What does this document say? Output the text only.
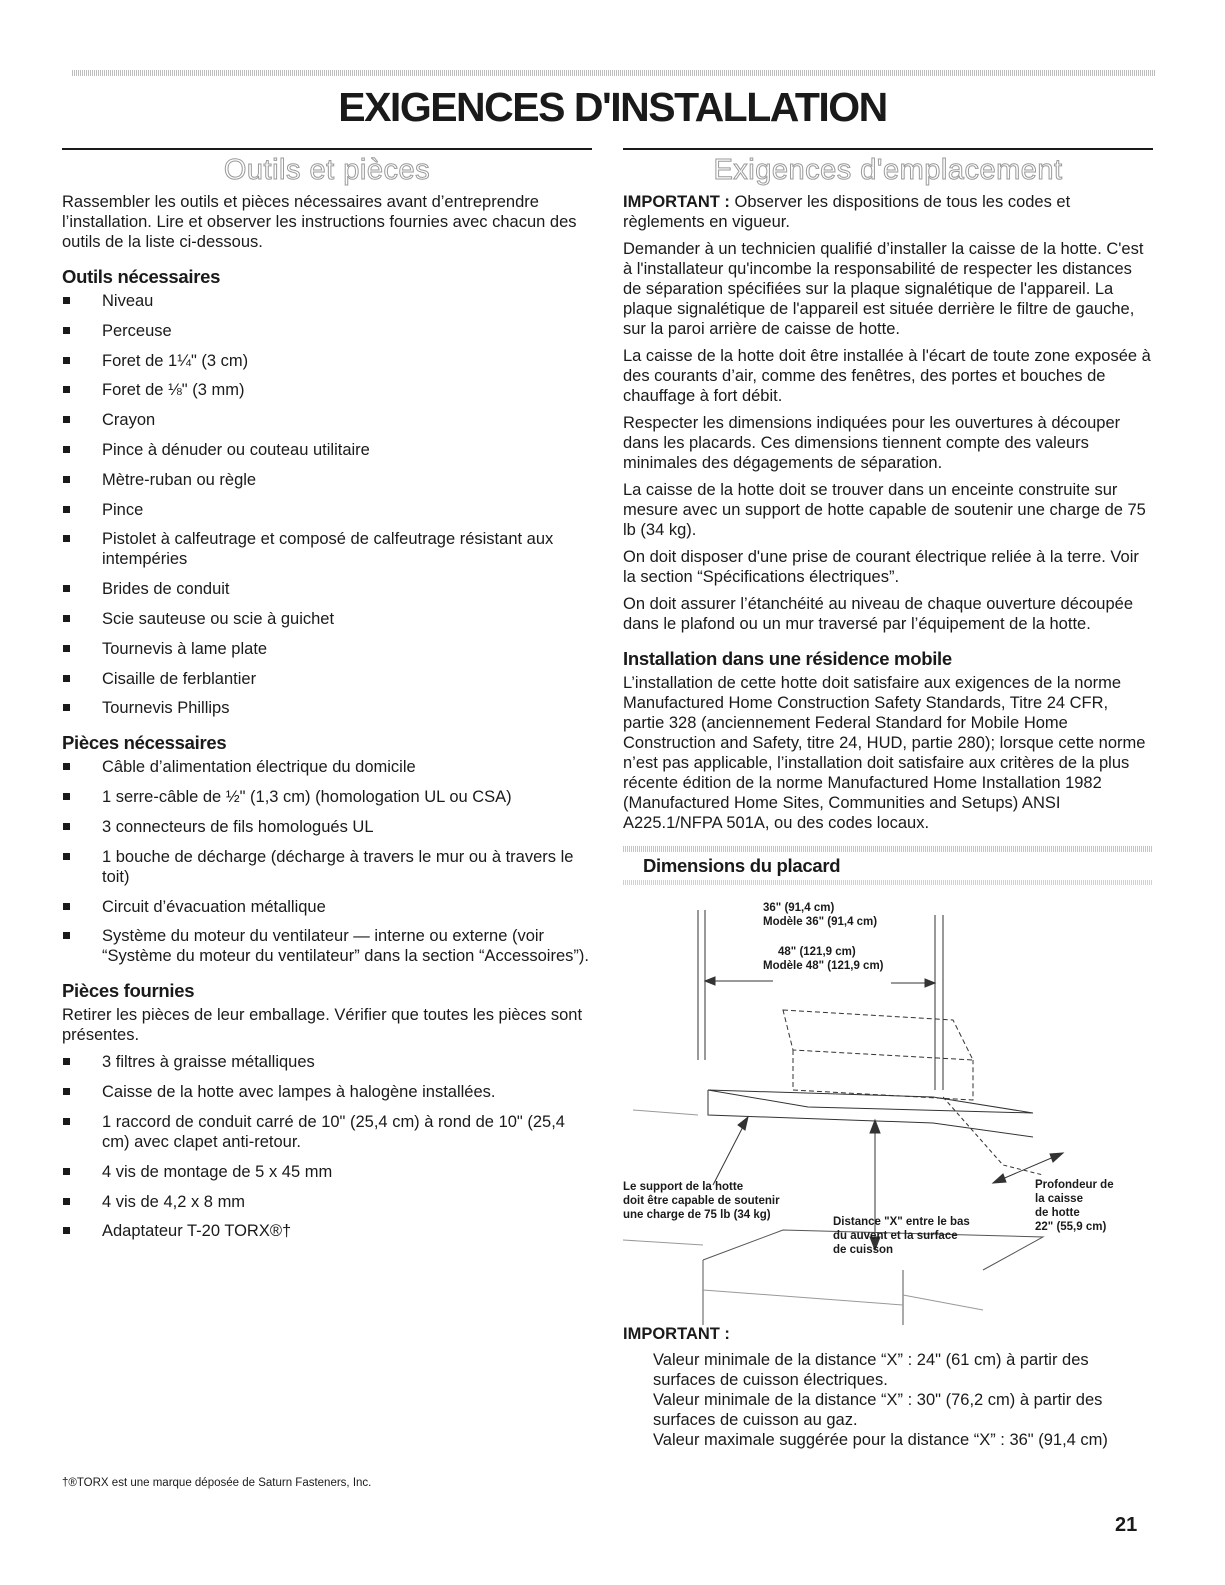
EXIGENCES D'INSTALLATION
Outils et pièces

Rassembler les outils et pièces nécessaires avant d’entreprendre l’installation. Lire et observer les instructions fournies avec chacun des outils de la liste ci-dessous.

Outils nécessaires
Niveau
Perceuse
Foret de 1¼" (3 cm)
Foret de ⅛" (3 mm)
Crayon
Pince à dénuder ou couteau utilitaire
Mètre-ruban ou règle
Pince
Pistolet à calfeutrage et composé de calfeutrage résistant aux intempéries
Brides de conduit
Scie sauteuse ou scie à guichet
Tournevis à lame plate
Cisaille de ferblantier
Tournevis Phillips
Pièces nécessaires
Câble d’alimentation électrique du domicile
1 serre-câble de ½" (1,3 cm) (homologation UL ou CSA)
3 connecteurs de fils homologués UL
1 bouche de décharge (décharge à travers le mur ou à travers le toit)
Circuit d’évacuation métallique
Système du moteur du ventilateur — interne ou externe (voir “Système du moteur du ventilateur” dans la section “Accessoires”).
Pièces fournies

Retirer les pièces de leur emballage. Vérifier que toutes les pièces sont présentes.

3 filtres à graisse métalliques
Caisse de la hotte avec lampes à halogène installées.
1 raccord de conduit carré de 10" (25,4 cm) à rond de 10" (25,4 cm) avec clapet anti-retour.
4 vis de montage de 5 x 45 mm
4 vis de 4,2 x 8 mm
Adaptateur T-20 TORX®†
†®TORX est une marque déposée de Saturn Fasteners, Inc.
Exigences d'emplacement

IMPORTANT : Observer les dispositions de tous les codes et règlements en vigueur.

Demander à un technicien qualifié d’installer la caisse de la hotte. C'est à l'installateur qu'incombe la responsabilité de respecter les distances de séparation spécifiées sur la plaque signalétique de l'appareil. La plaque signalétique de l'appareil est située derrière le filtre de gauche, sur la paroi arrière de caisse de hotte.

La caisse de la hotte doit être installée à l'écart de toute zone exposée à des courants d’air, comme des fenêtres, des portes et bouches de chauffage à fort débit.

Respecter les dimensions indiquées pour les ouvertures à découper dans les placards. Ces dimensions tiennent compte des valeurs minimales des dégagements de séparation.

La caisse de la hotte doit se trouver dans un enceinte construite sur mesure avec un support de hotte capable de soutenir une charge de 75 lb (34 kg).

On doit disposer d'une prise de courant électrique reliée à la terre. Voir la section “Spécifications électriques”.

On doit assurer l’étanchéité au niveau de chaque ouverture découpée dans le plafond ou un mur traversé par l’équipement de la hotte.

Installation dans une résidence mobile

L’installation de cette hotte doit satisfaire aux exigences de la norme Manufactured Home Construction Safety Standards, Titre 24 CFR, partie 328 (anciennement Federal Standard for Mobile Home Construction and Safety, titre 24, HUD, partie 280); lorsque cette norme n’est pas applicable, l’installation doit satisfaire aux critères de la plus récente édition de la norme Manufactured Home Installation 1982 (Manufactured Home Sites, Communities and Setups) ANSI A225.1/NFPA 501A, ou des codes locaux.

Dimensions du placard
36" (91,4 cm)
Modèle 36" (91,4 cm)
48" (121,9 cm)
Modèle 48" (121,9 cm)
Le support de la hotte
doit être capable de soutenir
une charge de 75 lb (34 kg)
Distance "X" entre le bas
du auvent et la surface
de cuisson
Profondeur de
la caisse
de hotte
22" (55,9 cm)
IMPORTANT :

Valeur minimale de la distance “X” : 24" (61 cm) à partir des surfaces de cuisson électriques.

Valeur minimale de la distance “X” : 30" (76,2 cm) à partir des surfaces de cuisson au gaz.

Valeur maximale suggérée pour la distance “X” : 36" (91,4 cm)

21
